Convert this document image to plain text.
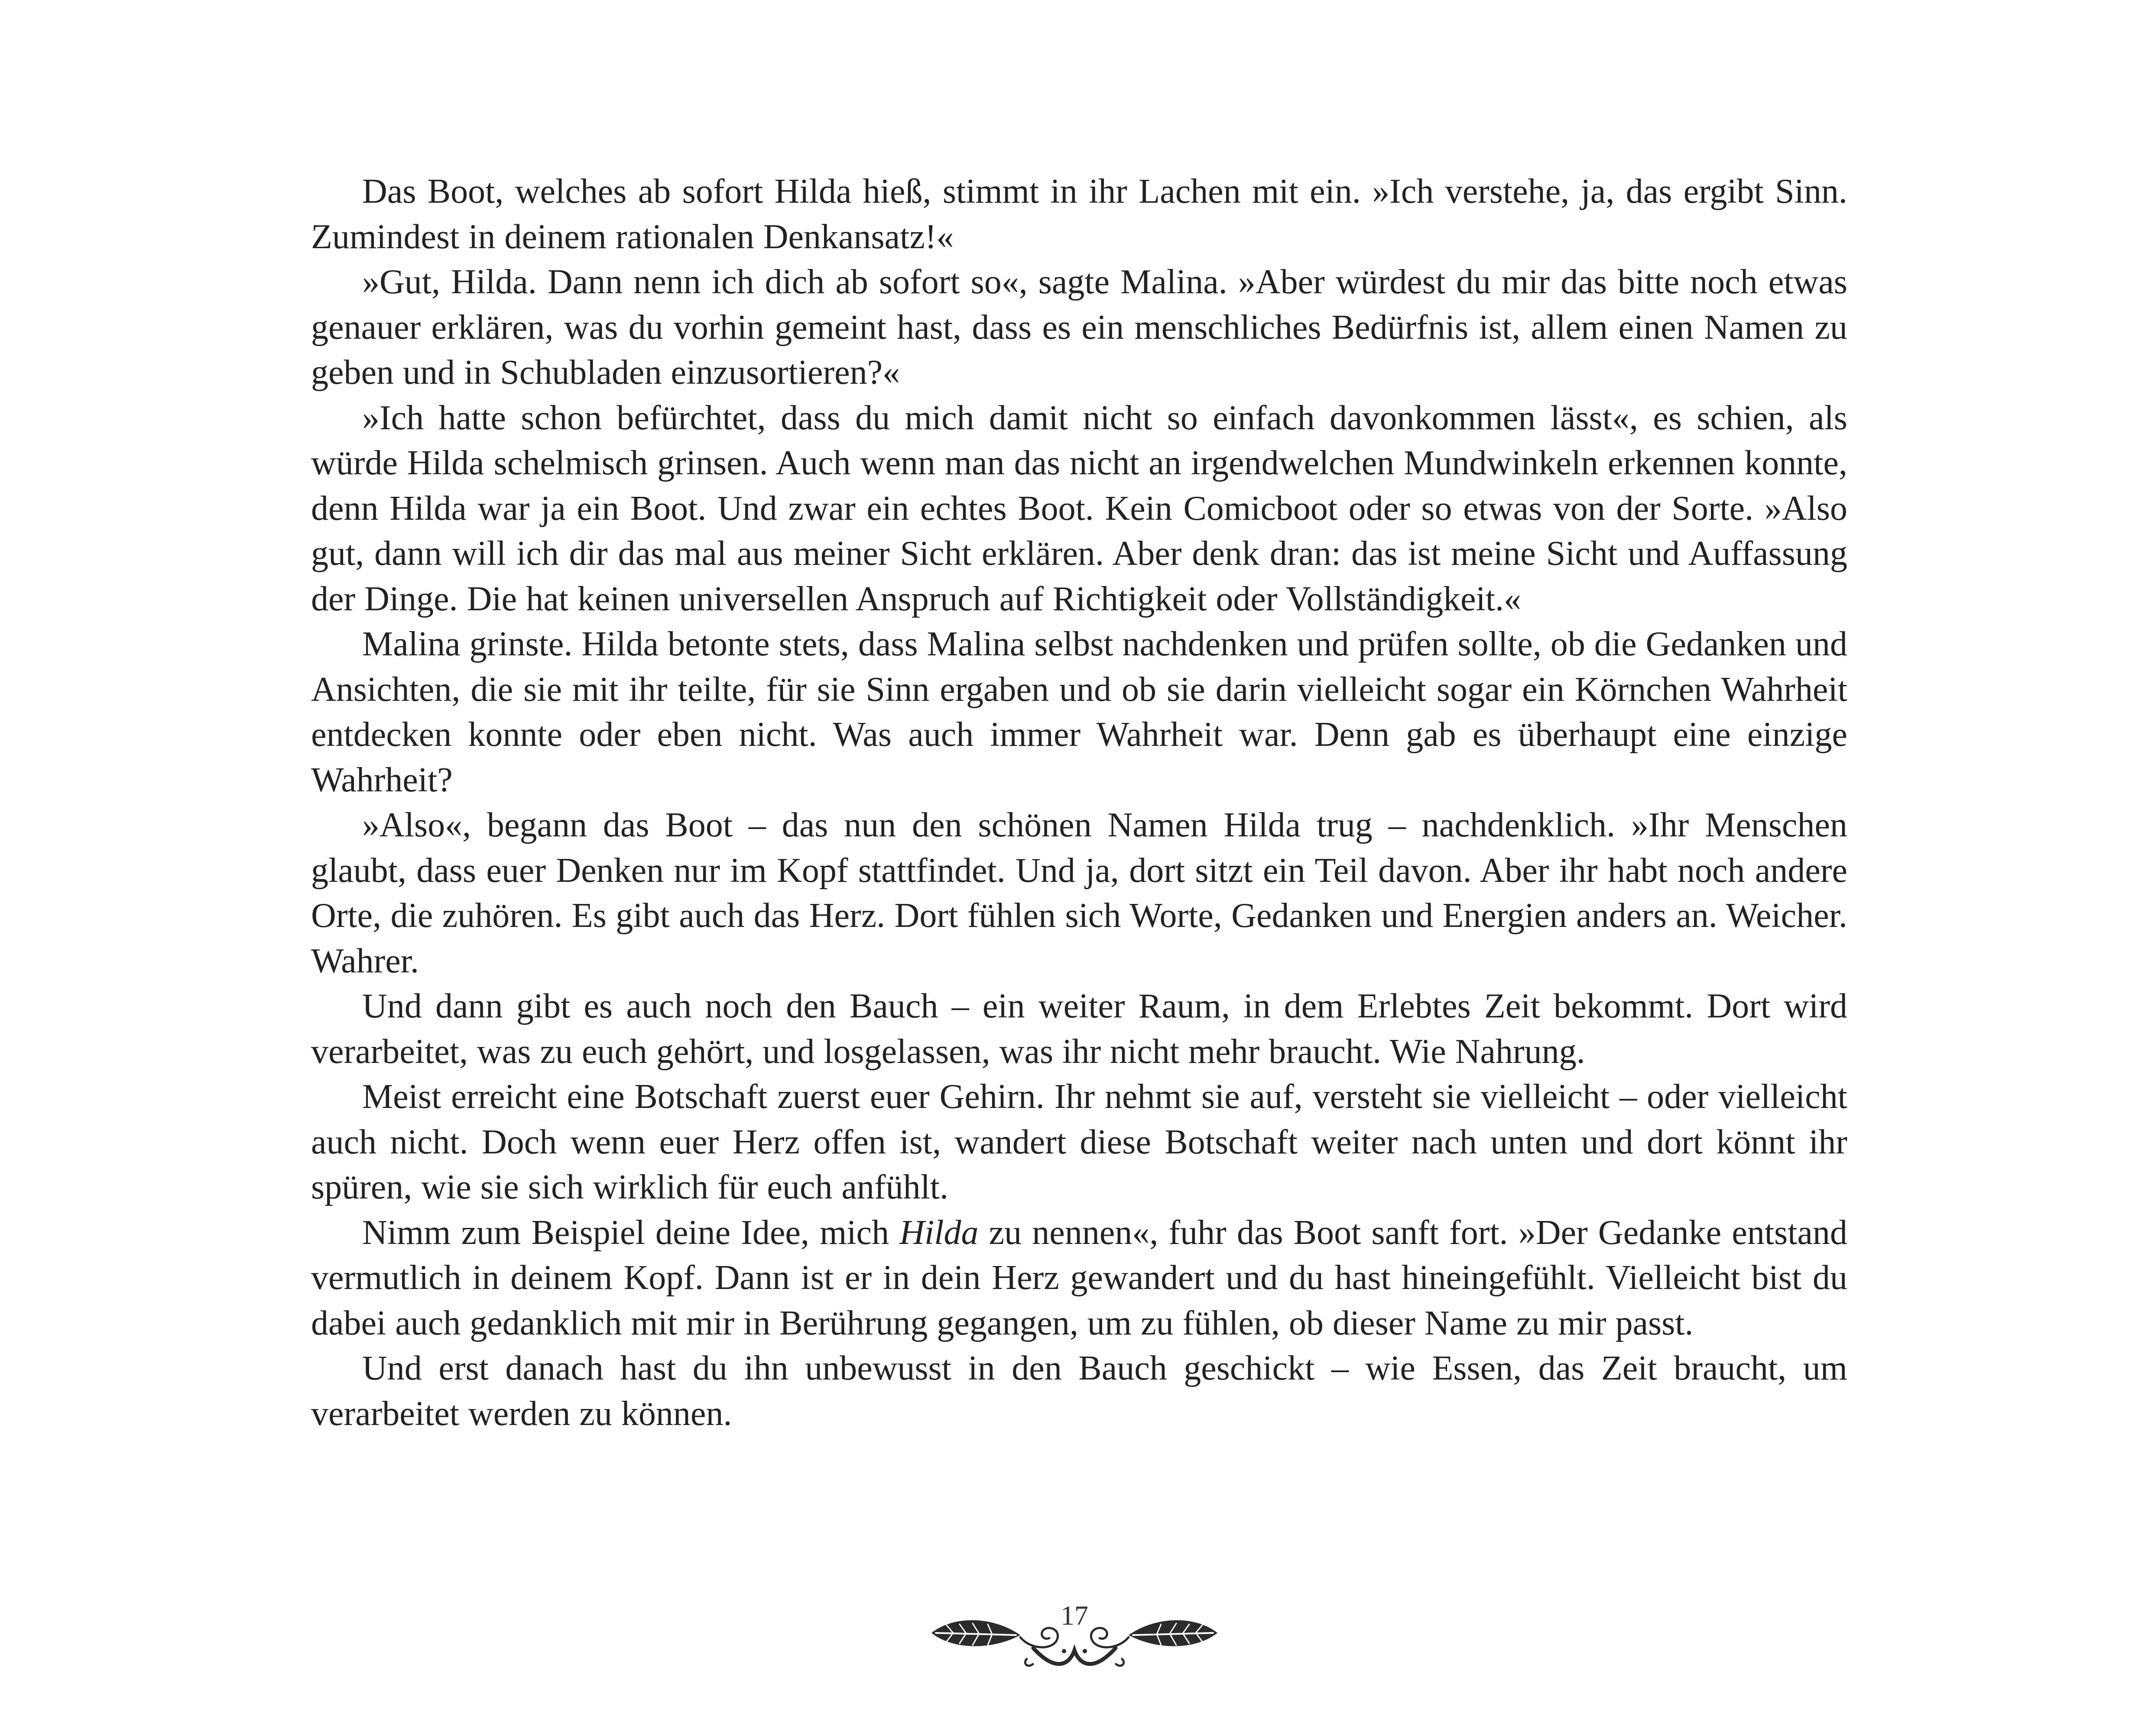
Das Boot, welches ab sofort Hilda hieß, stimmt in ihr Lachen mit ein. »Ich verstehe, ja, das ergibt Sinn. Zumindest in deinem rationalen Denkansatz!«

»Gut, Hilda. Dann nenn ich dich ab sofort so«, sagte Malina. »Aber würdest du mir das bitte noch etwas genauer erklären, was du vorhin gemeint hast, dass es ein menschliches Bedürfnis ist, allem einen Namen zu geben und in Schubladen einzusortieren?«

»Ich hatte schon befürchtet, dass du mich damit nicht so einfach davonkommen lässt«, es schien, als würde Hilda schelmisch grinsen. Auch wenn man das nicht an irgendwelchen Mundwinkeln erkennen konnte, denn Hilda war ja ein Boot. Und zwar ein echtes Boot. Kein Comicboot oder so etwas von der Sorte. »Also gut, dann will ich dir das mal aus meiner Sicht erklären. Aber denk dran: das ist meine Sicht und Auffassung der Dinge. Die hat keinen universellen Anspruch auf Richtigkeit oder Vollständigkeit.«

Malina grinste. Hilda betonte stets, dass Malina selbst nachdenken und prüfen sollte, ob die Gedanken und Ansichten, die sie mit ihr teilte, für sie Sinn ergaben und ob sie darin vielleicht sogar ein Körnchen Wahrheit entdecken konnte oder eben nicht. Was auch immer Wahrheit war. Denn gab es überhaupt eine einzige Wahrheit?

»Also«, begann das Boot – das nun den schönen Namen Hilda trug – nachdenklich. »Ihr Menschen glaubt, dass euer Denken nur im Kopf stattfindet. Und ja, dort sitzt ein Teil davon. Aber ihr habt noch andere Orte, die zuhören. Es gibt auch das Herz. Dort fühlen sich Worte, Gedanken und Energien anders an. Weicher. Wahrer.

Und dann gibt es auch noch den Bauch – ein weiter Raum, in dem Erlebtes Zeit bekommt. Dort wird verarbeitet, was zu euch gehört, und losgelassen, was ihr nicht mehr braucht. Wie Nahrung.

Meist erreicht eine Botschaft zuerst euer Gehirn. Ihr nehmt sie auf, versteht sie vielleicht – oder vielleicht auch nicht. Doch wenn euer Herz offen ist, wandert diese Botschaft weiter nach unten und dort könnt ihr spüren, wie sie sich wirklich für euch anfühlt.

Nimm zum Beispiel deine Idee, mich Hilda zu nennen«, fuhr das Boot sanft fort. »Der Gedanke entstand vermutlich in deinem Kopf. Dann ist er in dein Herz gewandert und du hast hineingefühlt. Vielleicht bist du dabei auch gedanklich mit mir in Berührung gegangen, um zu fühlen, ob dieser Name zu mir passt.

Und erst danach hast du ihn unbewusst in den Bauch geschickt – wie Essen, das Zeit braucht, um verarbeitet werden zu können.

17
